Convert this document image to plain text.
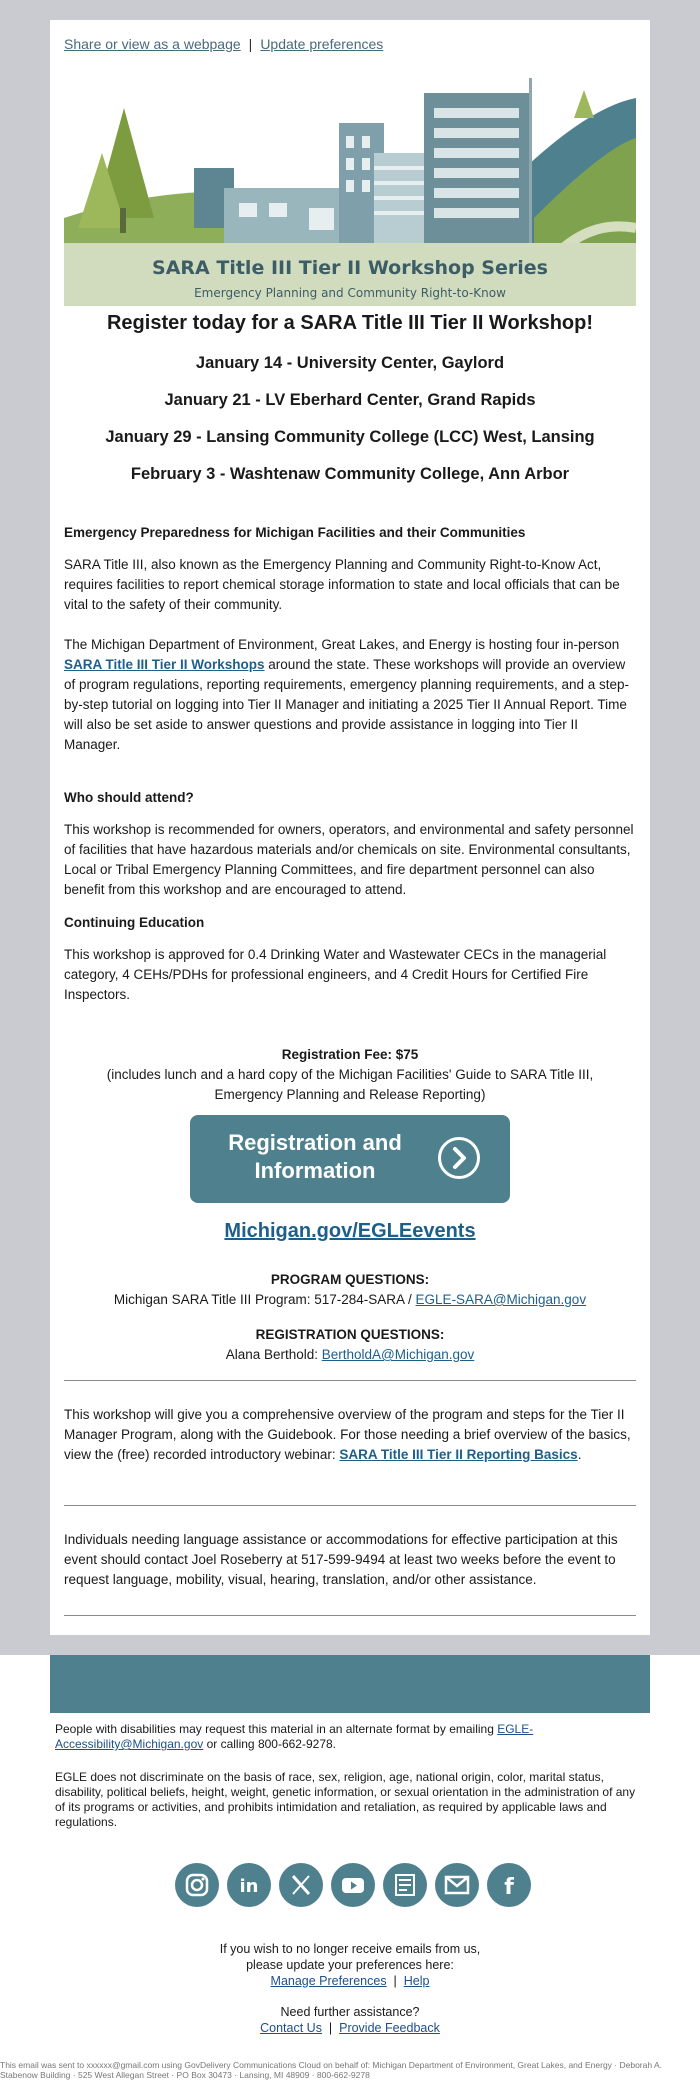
Share or view as a webpage | Update preferences
SARA Title III Tier II Workshop Series
Emergency Planning and Community Right-to-Know
Register today for a SARA Title III Tier II Workshop!
January 14 - University Center, Gaylord
January 21 - LV Eberhard Center, Grand Rapids
January 29 - Lansing Community College (LCC) West, Lansing
February 3 - Washtenaw Community College, Ann Arbor
Emergency Preparedness for Michigan Facilities and their Communities
SARA Title III, also known as the Emergency Planning and Community Right-to-Know Act, requires facilities to report chemical storage information to state and local officials that can be vital to the safety of their community.
The Michigan Department of Environment, Great Lakes, and Energy is hosting four in-person SARA Title III Tier II Workshops around the state. These workshops will provide an overview of program regulations, reporting requirements, emergency planning requirements, and a step-by-step tutorial on logging into Tier II Manager and initiating a 2025 Tier II Annual Report. Time will also be set aside to answer questions and provide assistance in logging into Tier II Manager.
Who should attend?
This workshop is recommended for owners, operators, and environmental and safety personnel of facilities that have hazardous materials and/or chemicals on site. Environmental consultants, Local or Tribal Emergency Planning Committees, and fire department personnel can also benefit from this workshop and are encouraged to attend.
Continuing Education
This workshop is approved for 0.4 Drinking Water and Wastewater CECs in the managerial category, 4 CEHs/PDHs for professional engineers, and 4 Credit Hours for Certified Fire Inspectors.
Registration Fee: $75
(includes lunch and a hard copy of the Michigan Facilities' Guide to SARA Title III, Emergency Planning and Release Reporting)
Registration and Information
Michigan.gov/EGLEevents
PROGRAM QUESTIONS:
Michigan SARA Title III Program: 517-284-SARA / EGLE-SARA@Michigan.gov
REGISTRATION QUESTIONS:
Alana Berthold: BertholdA@Michigan.gov
This workshop will give you a comprehensive overview of the program and steps for the Tier II Manager Program, along with the Guidebook. For those needing a brief overview of the basics, view the (free) recorded introductory webinar: SARA Title III Tier II Reporting Basics.
Individuals needing language assistance or accommodations for effective participation at this event should contact Joel Roseberry at 517-599-9494 at least two weeks before the event to request language, mobility, visual, hearing, translation, and/or other assistance.
People with disabilities may request this material in an alternate format by emailing EGLE-Accessibility@Michigan.gov or calling 800-662-9278.
EGLE does not discriminate on the basis of race, sex, religion, age, national origin, color, marital status, disability, political beliefs, height, weight, genetic information, or sexual orientation in the administration of any of its programs or activities, and prohibits intimidation and retaliation, as required by applicable laws and regulations.
in	f
If you wish to no longer receive emails from us,
please update your preferences here:
Manage Preferences | Help
Need further assistance?
Contact Us | Provide Feedback
This email was sent to xxxxxx@gmail.com using GovDelivery Communications Cloud on behalf of: Michigan Department of Environment, Great Lakes, and Energy · Deborah A. Stabenow Building · 525 West Allegan Street · PO Box 30473 · Lansing, MI 48909 · 800-662-9278
